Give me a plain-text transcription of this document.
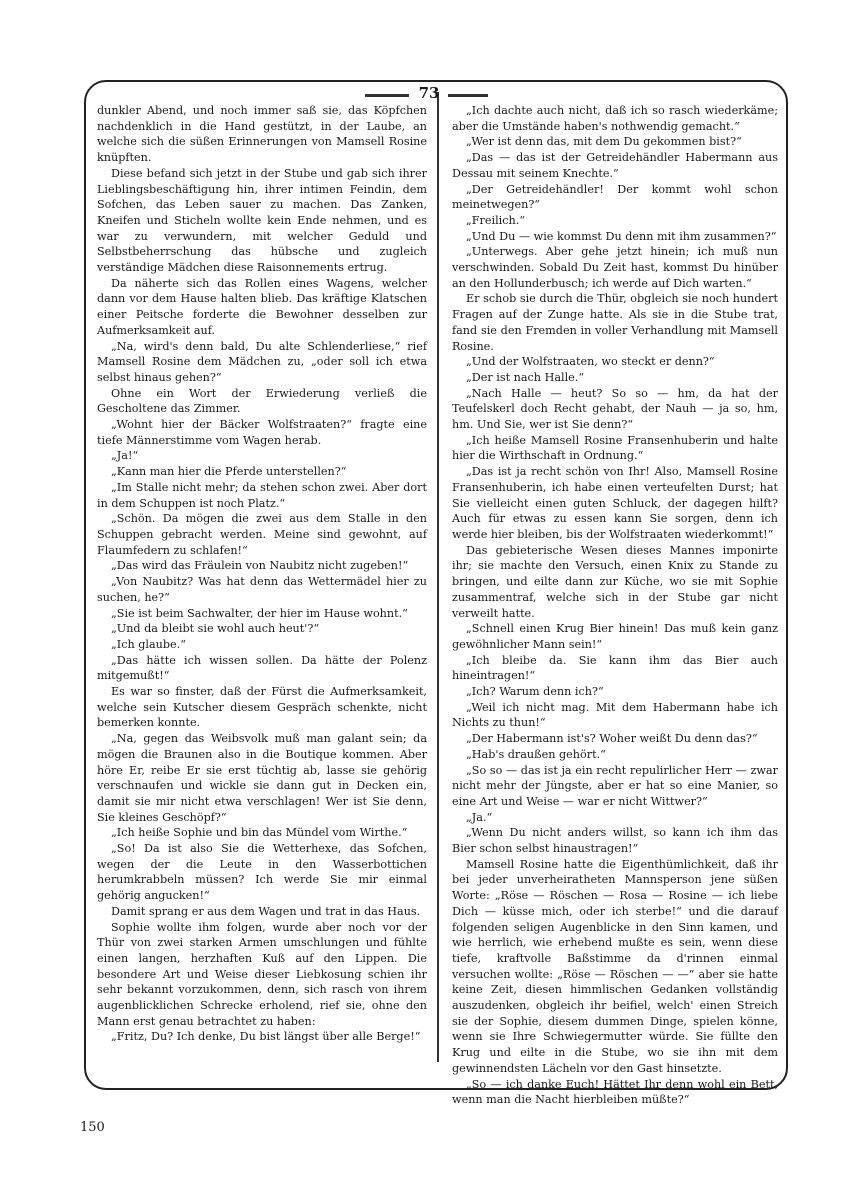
73

dunkler Abend, und noch immer saß sie, das Köpfchen nachdenklich in die Hand gestützt, in der Laube, an welche sich die süßen Erinnerungen von Mamsell Rosine knüpften.

Diese befand sich jetzt in der Stube und gab sich ihrer Lieblingsbeschäftigung hin, ihrer intimen Feindin, dem Sofchen, das Leben sauer zu machen. Das Zanken, Kneifen und Sticheln wollte kein Ende nehmen, und es war zu verwundern, mit welcher Geduld und Selbstbeherrschung das hübsche und zugleich verständige Mädchen diese Raisonnements ertrug.

Da näherte sich das Rollen eines Wagens, welcher dann vor dem Hause halten blieb. Das kräftige Klatschen einer Peitsche forderte die Bewohner desselben zur Aufmerksamkeit auf.

„Na, wird's denn bald, Du alte Schlenderliese,“ rief Mamsell Rosine dem Mädchen zu, „oder soll ich etwa selbst hinaus gehen?“

Ohne ein Wort der Erwiederung verließ die Gescholtene das Zimmer.

„Wohnt hier der Bäcker Wolfstraaten?“ fragte eine tiefe Männerstimme vom Wagen herab.

„Ja!“

„Kann man hier die Pferde unterstellen?“

„Im Stalle nicht mehr; da stehen schon zwei. Aber dort in dem Schuppen ist noch Platz.“

„Schön. Da mögen die zwei aus dem Stalle in den Schuppen gebracht werden. Meine sind gewohnt, auf Flaumfedern zu schlafen!“

„Das wird das Fräulein von Naubitz nicht zugeben!“

„Von Naubitz? Was hat denn das Wettermädel hier zu suchen, he?“

„Sie ist beim Sachwalter, der hier im Hause wohnt.“

„Und da bleibt sie wohl auch heut'?“

„Ich glaube.“

„Das hätte ich wissen sollen. Da hätte der Polenz mitgemußt!“

Es war so finster, daß der Fürst die Aufmerksamkeit, welche sein Kutscher diesem Gespräch schenkte, nicht bemerken konnte.

„Na, gegen das Weibsvolk muß man galant sein; da mögen die Braunen also in die Boutique kommen. Aber höre Er, reibe Er sie erst tüchtig ab, lasse sie gehörig verschnaufen und wickle sie dann gut in Decken ein, damit sie mir nicht etwa verschlagen! Wer ist Sie denn, Sie kleines Geschöpf?“

„Ich heiße Sophie und bin das Mündel vom Wirthe.“

„So! Da ist also Sie die Wetterhexe, das Sofchen, wegen der die Leute in den Wasserbottichen herumkrabbeln müssen? Ich werde Sie mir einmal gehörig angucken!“

Damit sprang er aus dem Wagen und trat in das Haus.

Sophie wollte ihm folgen, wurde aber noch vor der Thür von zwei starken Armen umschlungen und fühlte einen langen, herzhaften Kuß auf den Lippen. Die besondere Art und Weise dieser Liebkosung schien ihr sehr bekannt vorzukommen, denn, sich rasch von ihrem augenblicklichen Schrecke erholend, rief sie, ohne den Mann erst genau betrachtet zu haben:

„Fritz, Du? Ich denke, Du bist längst über alle Berge!“

„Ich dachte auch nicht, daß ich so rasch wiederkäme; aber die Umstände haben's nothwendig gemacht.“

„Wer ist denn das, mit dem Du gekommen bist?“

„Das — das ist der Getreidehändler Habermann aus Dessau mit seinem Knechte.“

„Der Getreidehändler! Der kommt wohl schon meinetwegen?“

„Freilich.“

„Und Du — wie kommst Du denn mit ihm zusammen?“

„Unterwegs. Aber gehe jetzt hinein; ich muß nun verschwinden. Sobald Du Zeit hast, kommst Du hinüber an den Hollunderbusch; ich werde auf Dich warten.“

Er schob sie durch die Thür, obgleich sie noch hundert Fragen auf der Zunge hatte. Als sie in die Stube trat, fand sie den Fremden in voller Verhandlung mit Mamsell Rosine.

„Und der Wolfstraaten, wo steckt er denn?“

„Der ist nach Halle.“

„Nach Halle — heut? So so — hm, da hat der Teufelskerl doch Recht gehabt, der Nauh — ja so, hm, hm. Und Sie, wer ist Sie denn?“

„Ich heiße Mamsell Rosine Fransenhuberin und halte hier die Wirthschaft in Ordnung.“

„Das ist ja recht schön von Ihr! Also, Mamsell Rosine Fransenhuberin, ich habe einen verteufelten Durst; hat Sie vielleicht einen guten Schluck, der dagegen hilft? Auch für etwas zu essen kann Sie sorgen, denn ich werde hier bleiben, bis der Wolfstraaten wiederkommt!“

Das gebieterische Wesen dieses Mannes imponirte ihr; sie machte den Versuch, einen Knix zu Stande zu bringen, und eilte dann zur Küche, wo sie mit Sophie zusammentraf, welche sich in der Stube gar nicht verweilt hatte.

„Schnell einen Krug Bier hinein! Das muß kein ganz gewöhnlicher Mann sein!“

„Ich bleibe da. Sie kann ihm das Bier auch hineintragen!“

„Ich? Warum denn ich?“

„Weil ich nicht mag. Mit dem Habermann habe ich Nichts zu thun!“

„Der Habermann ist's? Woher weißt Du denn das?“

„Hab's draußen gehört.“

„So so — das ist ja ein recht repulirlicher Herr — zwar nicht mehr der Jüngste, aber er hat so eine Manier, so eine Art und Weise — war er nicht Wittwer?“

„Ja.“

„Wenn Du nicht anders willst, so kann ich ihm das Bier schon selbst hinaustragen!“

Mamsell Rosine hatte die Eigenthümlichkeit, daß ihr bei jeder unverheiratheten Mannsperson jene süßen Worte: „Röse — Röschen — Rosa — Rosine — ich liebe Dich — küsse mich, oder ich sterbe!“ und die darauf folgenden seligen Augenblicke in den Sinn kamen, und wie herrlich, wie erhebend mußte es sein, wenn diese tiefe, kraftvolle Baßstimme da d'rinnen einmal versuchen wollte: „Röse — Röschen — —“ aber sie hatte keine Zeit, diesen himmlischen Gedanken vollständig auszudenken, obgleich ihr beifiel, welch' einen Streich sie der Sophie, diesem dummen Dinge, spielen könne, wenn sie Ihre Schwiegermutter würde. Sie füllte den Krug und eilte in die Stube, wo sie ihn mit dem gewinnendsten Lächeln vor den Gast hinsetzte.

„So — ich danke Euch! Hättet Ihr denn wohl ein Bett, wenn man die Nacht hierbleiben müßte?“

150
